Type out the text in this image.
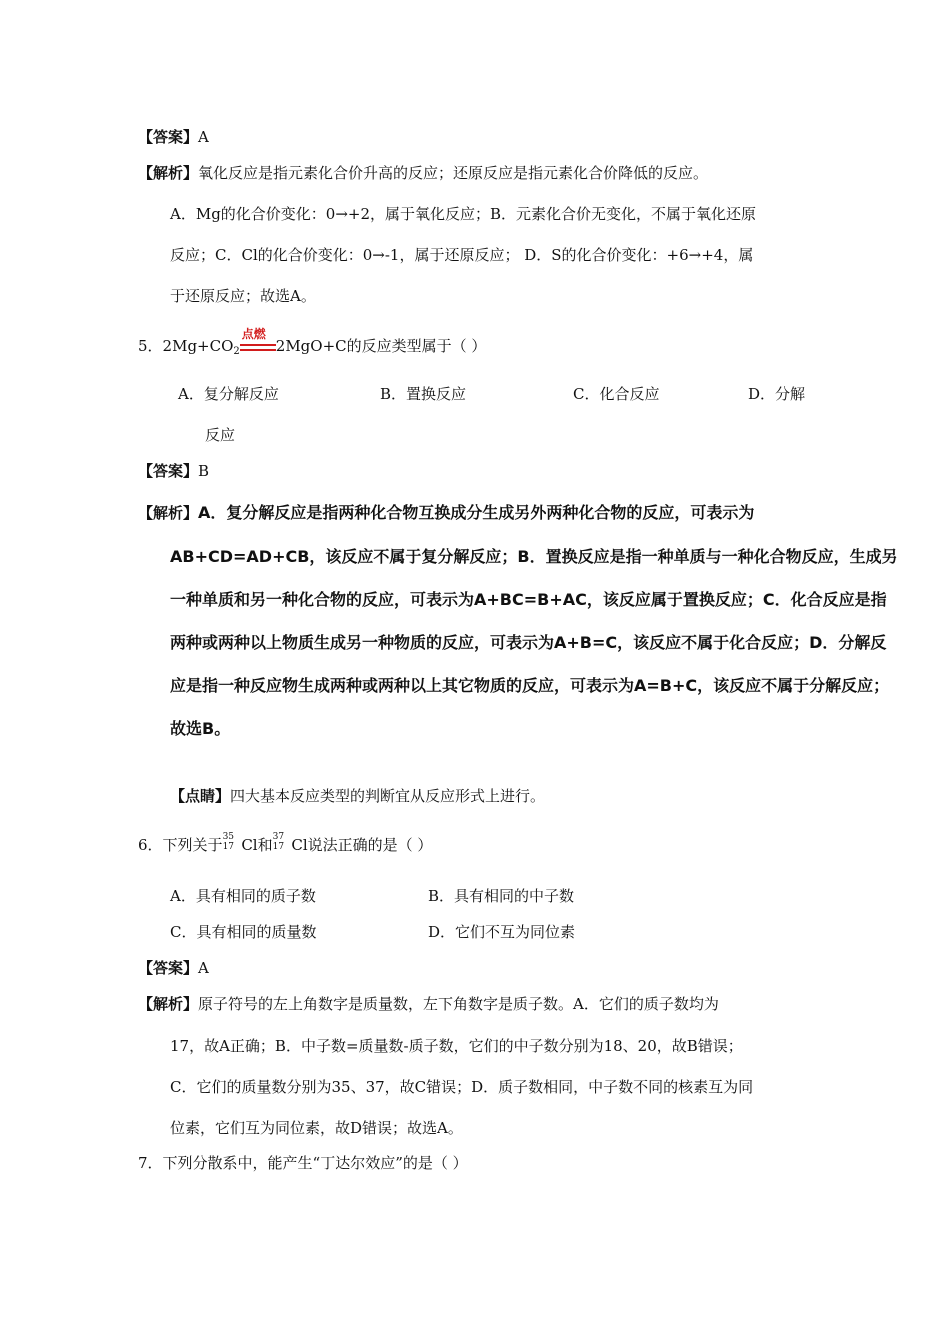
【答案】A
【解析】氧化反应是指元素化合价升高的反应；还原反应是指元素化合价降低的反应。
A．Mg的化合价变化：0→+2，属于氧化反应；B．元素化合价无变化，不属于氧化还原
反应；C．Cl的化合价变化：0→-1，属于还原反应； D．S的化合价变化：+6→+4，属
于还原反应；故选A。
5．$2Mg+CO_2$
点燃
2MgO+C的反应类型属于（ ）
A．复分解反应	B．置换反应	C．化合反应	D．分解
反应
【答案】B
【解析】A．复分解反应是指两种化合物互换成分生成另外两种化合物的反应，可表示为
AB+CD=AD+CB，该反应不属于复分解反应；B．置换反应是指一种单质与一种化合物反应，生成另
一种单质和另一种化合物的反应，可表示为A+BC=B+AC，该反应属于置换反应；C．化合反应是指
两种或两种以上物质生成另一种物质的反应，可表示为A+B=C，该反应不属于化合反应；D．分解反
应是指一种反应物生成两种或两种以上其它物质的反应，可表示为A=B+C，该反应不属于分解反应；
故选B。
【点睛】四大基本反应类型的判断宜从反应形式上进行。
6．下列关于 35
17 Cl和 37
17 Cl说法正确的是（ ）
A．具有相同的质子数	B．具有相同的中子数
C．具有相同的质量数	D．它们不互为同位素
【答案】A
【解析】原子符号的左上角数字是质量数，左下角数字是质子数。A．它们的质子数均为
17，故A正确；B．中子数=质量数-质子数，它们的中子数分别为18、20，故B错误；
C．它们的质量数分别为35、37，故C错误；D．质子数相同，中子数不同的核素互为同
位素，它们互为同位素，故D错误；故选A。
7．下列分散系中，能产生“丁达尔效应”的是（ ）
